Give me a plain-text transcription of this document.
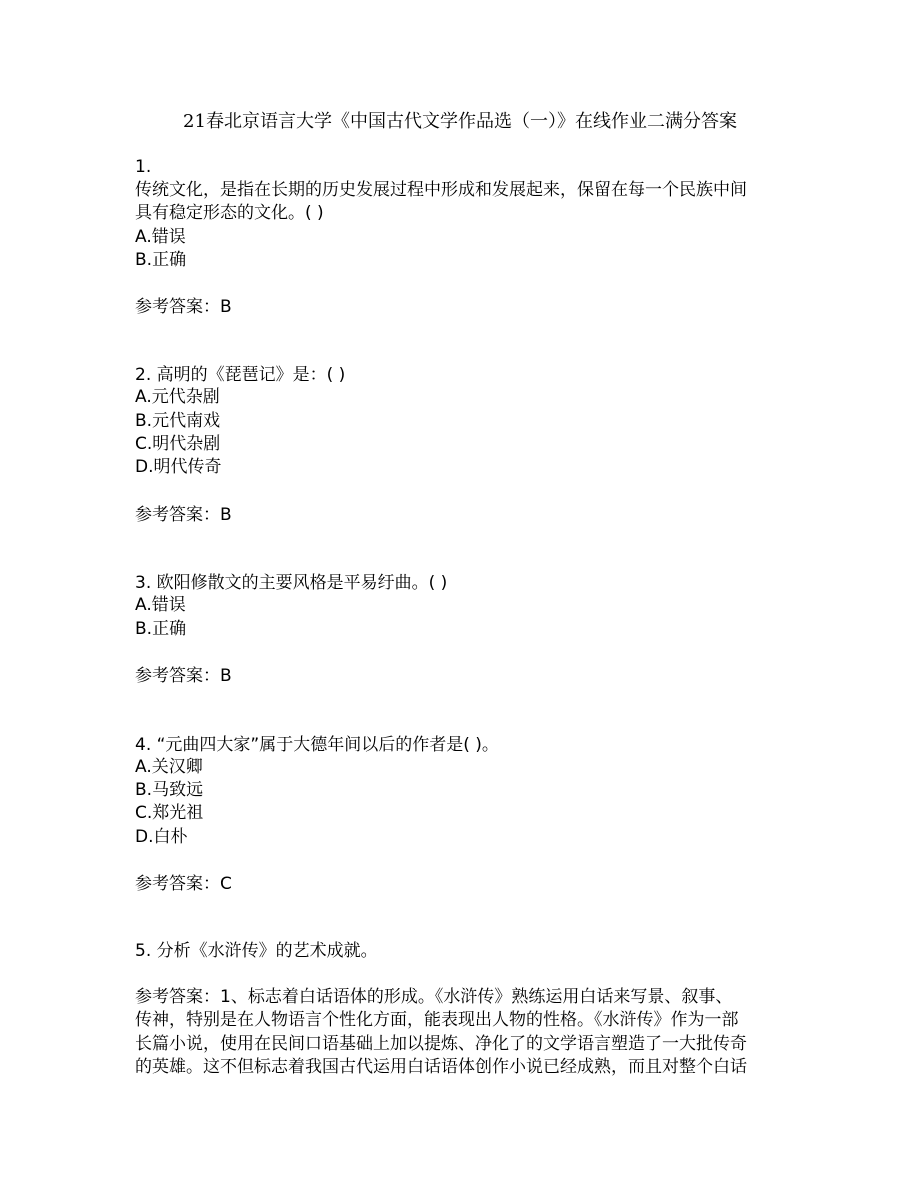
21春北京语言大学《中国古代文学作品选（一）》在线作业二满分答案
1.
传统文化，是指在长期的历史发展过程中形成和发展起来，保留在每一个民族中间
具有稳定形态的文化。( )
A.错误
B.正确
参考答案：B
2. 高明的《琵琶记》是：( )
A.元代杂剧
B.元代南戏
C.明代杂剧
D.明代传奇
参考答案：B
3. 欧阳修散文的主要风格是平易纡曲。( )
A.错误
B.正确
参考答案：B
4. “元曲四大家”属于大德年间以后的作者是( )。
A.关汉卿
B.马致远
C.郑光祖
D.白朴
参考答案：C
5. 分析《水浒传》的艺术成就。
参考答案：1、标志着白话语体的形成。《水浒传》熟练运用白话来写景、叙事、
传神，特别是在人物语言个性化方面，能表现出人物的性格。《水浒传》作为一部
长篇小说，使用在民间口语基础上加以提炼、净化了的文学语言塑造了一大批传奇
的英雄。这不但标志着我国古代运用白话语体创作小说已经成熟，而且对整个白话
